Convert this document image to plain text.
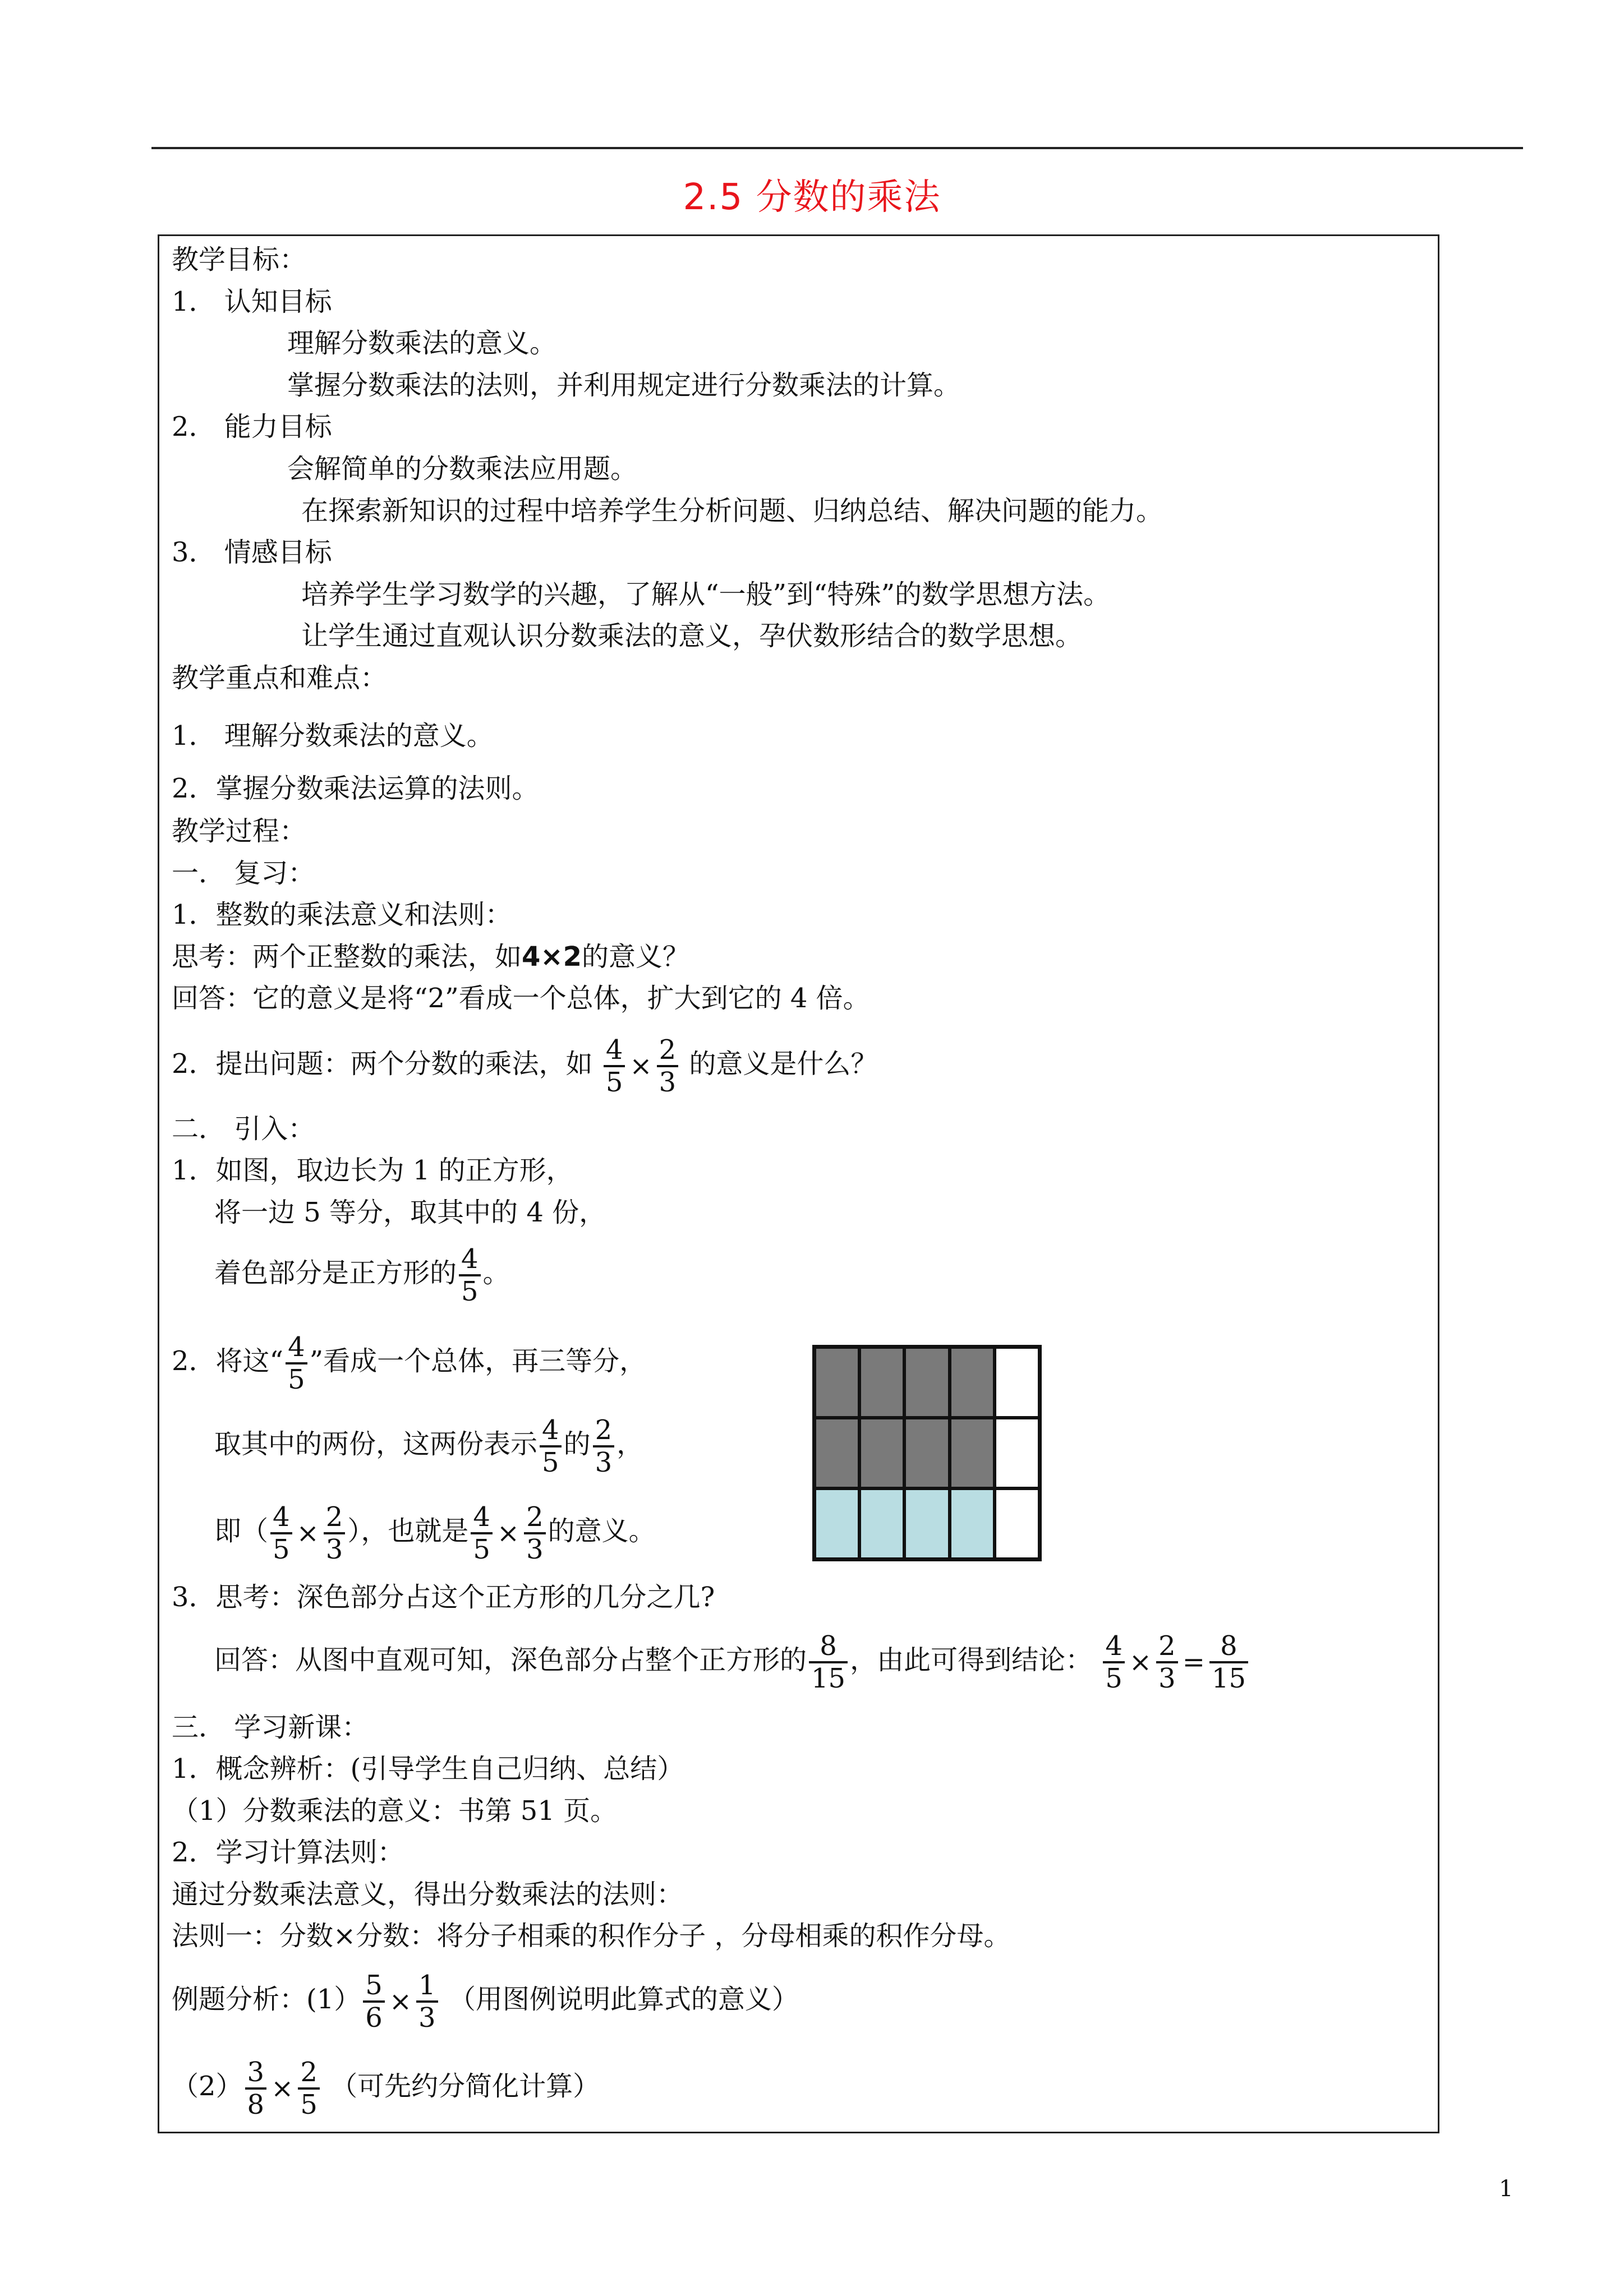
2.5 分数的乘法
教学目标：
1． 认知目标
理解分数乘法的意义。
掌握分数乘法的法则，并利用规定进行分数乘法的计算。
2． 能力目标
会解简单的分数乘法应用题。
在探索新知识的过程中培养学生分析问题、归纳总结、解决问题的能力。
3． 情感目标
培养学生学习数学的兴趣，了解从“一般”到“特殊”的数学思想方法。
让学生通过直观认识分数乘法的意义，孕伏数形结合的数学思想。
教学重点和难点：
1． 理解分数乘法的意义。
2．掌握分数乘法运算的法则。
教学过程：
一． 复习：
1．整数的乘法意义和法则：
思考：两个正整数的乘法，如4×2的意义？
回答：它的意义是将“2”看成一个总体，扩大到它的 4 倍。
2．提出问题：两个分数的乘法，如 $\frac{4}{5} \times \frac{2}{3}$ 的意义是什么？
二． 引入：
1．如图，取边长为 1 的正方形，
将一边 5 等分，取其中的 4 份，
着色部分是正方形的 $\frac{4}{5}$ 。
2．将这“ $\frac{4}{5}$ ”看成一个总体，再三等分，
取其中的两份，这两份表示 $\frac{4}{5}$ 的 $\frac{2}{3}$ ，
即（ $\frac{4}{5} \times \frac{2}{3}$ ），也就是 $\frac{4}{5} \times \frac{2}{3}$ 的意义。
3．思考：深色部分占这个正方形的几分之几?
回答：从图中直观可知，深色部分占整个正方形的 $\frac{8}{15}$ ，由此可得到结论： $\frac{4}{5} \times \frac{2}{3} = \frac{8}{15}$
三． 学习新课：
1．概念辨析：(引导学生自己归纳、总结）
（1）分数乘法的意义：书第 51 页。
2．学习计算法则：
通过分数乘法意义，得出分数乘法的法则：
法则一：分数×分数：将分子相乘的积作分子 ，分母相乘的积作分母。
例题分析：$(1) \frac{5}{6} \times \frac{1}{3}$ （用图例说明此算式的意义）
$(2) \frac{3}{8} \times \frac{2}{5}$ （可先约分简化计算）
1
